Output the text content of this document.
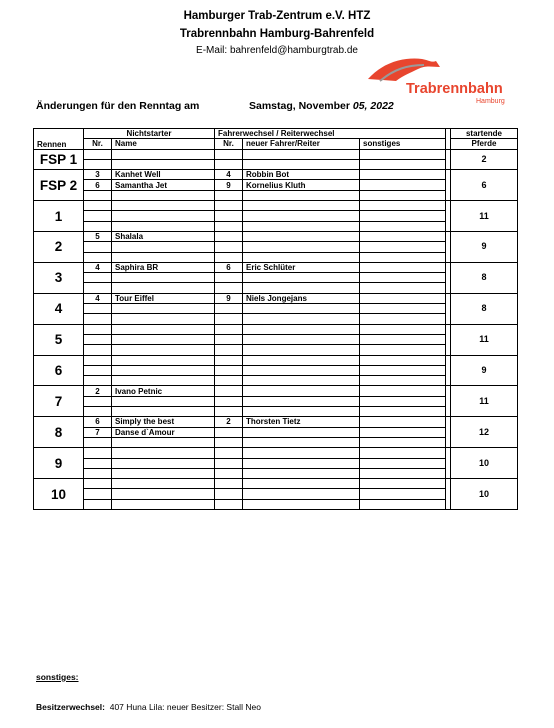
Hamburger Trab-Zentrum e.V. HTZ
Trabrennbahn Hamburg-Bahrenfeld
E-Mail: bahrenfeld@hamburgtrab.de
Trabrennbahn
Hamburg
Änderungen für den Renntag am	Samstag, November 05, 2022
Rennen	Nichtstarter		Fahrerwechsel / Reiterwechsel				startende
	Nr.	Name	Nr.	neuer Fahrer/Reiter	sonstiges		Pferde
FSP 1							2

FSP 2	3	Kanhet Well	4	Robbin Bot			6
	6	Samantha Jet	9	Kornelius Kluth			

1							11

2	5	Shalala					9

3	4	Saphira BR	6	Eric Schlüter			8

4	4	Tour Eiffel	9	Niels Jongejans			8

5							11

6							9

7	2	Ivano Petnic					11

8	6	Simply the best	2	Thorsten Tietz			12
	7	Danse d`Amour					

9							10

10							10

sonstiges:
Besitzerwechsel: 407 Huna Lila: neuer Besitzer: Stall Neo
